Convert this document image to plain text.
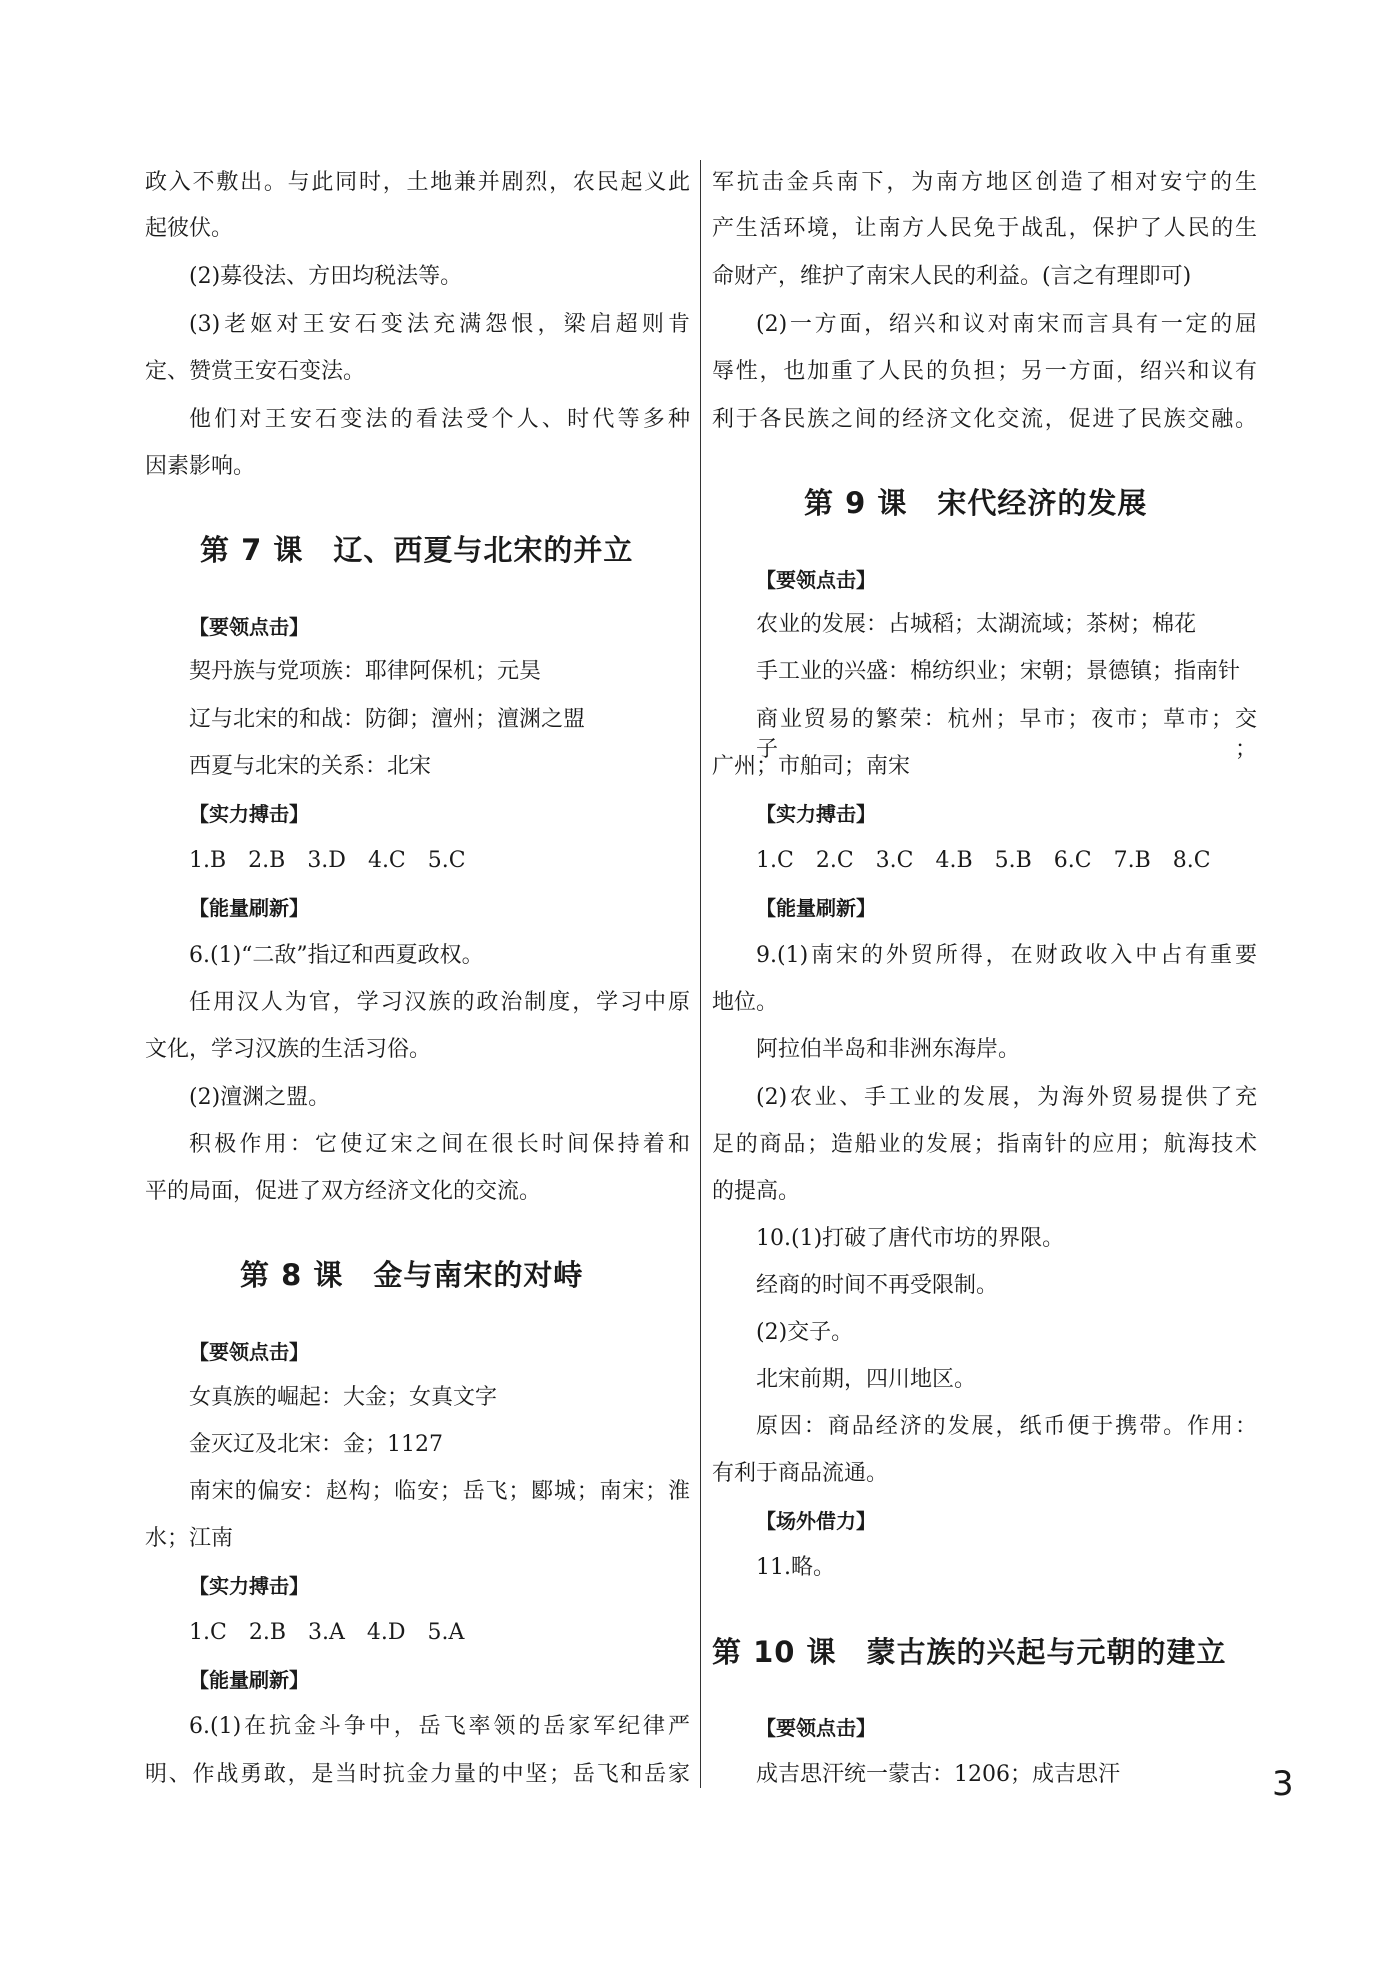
政入不敷出。与此同时，土地兼并剧烈，农民起义此
起彼伏。
(2)募役法、方田均税法等。
(3)老妪对王安石变法充满怨恨，梁启超则肯
定、赞赏王安石变法。
他们对王安石变法的看法受个人、时代等多种
因素影响。
第 7 课　辽、西夏与北宋的并立
【要领点击】
契丹族与党项族：耶律阿保机；元昊
辽与北宋的和战：防御；澶州；澶渊之盟
西夏与北宋的关系：北宋
【实力搏击】
1.B　2.B　3.D　4.C　5.C
【能量刷新】
6.(1)“二敌”指辽和西夏政权。
任用汉人为官，学习汉族的政治制度，学习中原
文化，学习汉族的生活习俗。
(2)澶渊之盟。
积极作用：它使辽宋之间在很长时间保持着和
平的局面，促进了双方经济文化的交流。
第 8 课　金与南宋的对峙
【要领点击】
女真族的崛起：大金；女真文字
金灭辽及北宋：金；1127
南宋的偏安：赵构；临安；岳飞；郾城；南宋；淮
水；江南
【实力搏击】
1.C　2.B　3.A　4.D　5.A
【能量刷新】
6.(1)在抗金斗争中，岳飞率领的岳家军纪律严
明、作战勇敢，是当时抗金力量的中坚；岳飞和岳家
军抗击金兵南下，为南方地区创造了相对安宁的生
产生活环境，让南方人民免于战乱，保护了人民的生
命财产，维护了南宋人民的利益。(言之有理即可)
(2)一方面，绍兴和议对南宋而言具有一定的屈
辱性，也加重了人民的负担；另一方面，绍兴和议有
利于各民族之间的经济文化交流，促进了民族交融。
第 9 课　宋代经济的发展
【要领点击】
农业的发展：占城稻；太湖流域；茶树；棉花
手工业的兴盛：棉纺织业；宋朝；景德镇；指南针
商业贸易的繁荣：杭州；早市；夜市；草市；交子；
广州；市舶司；南宋
【实力搏击】
1.C　2.C　3.C　4.B　5.B　6.C　7.B　8.C
【能量刷新】
9.(1)南宋的外贸所得，在财政收入中占有重要
地位。
阿拉伯半岛和非洲东海岸。
(2)农业、手工业的发展，为海外贸易提供了充
足的商品；造船业的发展；指南针的应用；航海技术
的提高。
10.(1)打破了唐代市坊的界限。
经商的时间不再受限制。
(2)交子。
北宋前期，四川地区。
原因：商品经济的发展，纸币便于携带。作用：
有利于商品流通。
【场外借力】
11.略。
第 10 课　蒙古族的兴起与元朝的建立
【要领点击】
成吉思汗统一蒙古：1206；成吉思汗	3
